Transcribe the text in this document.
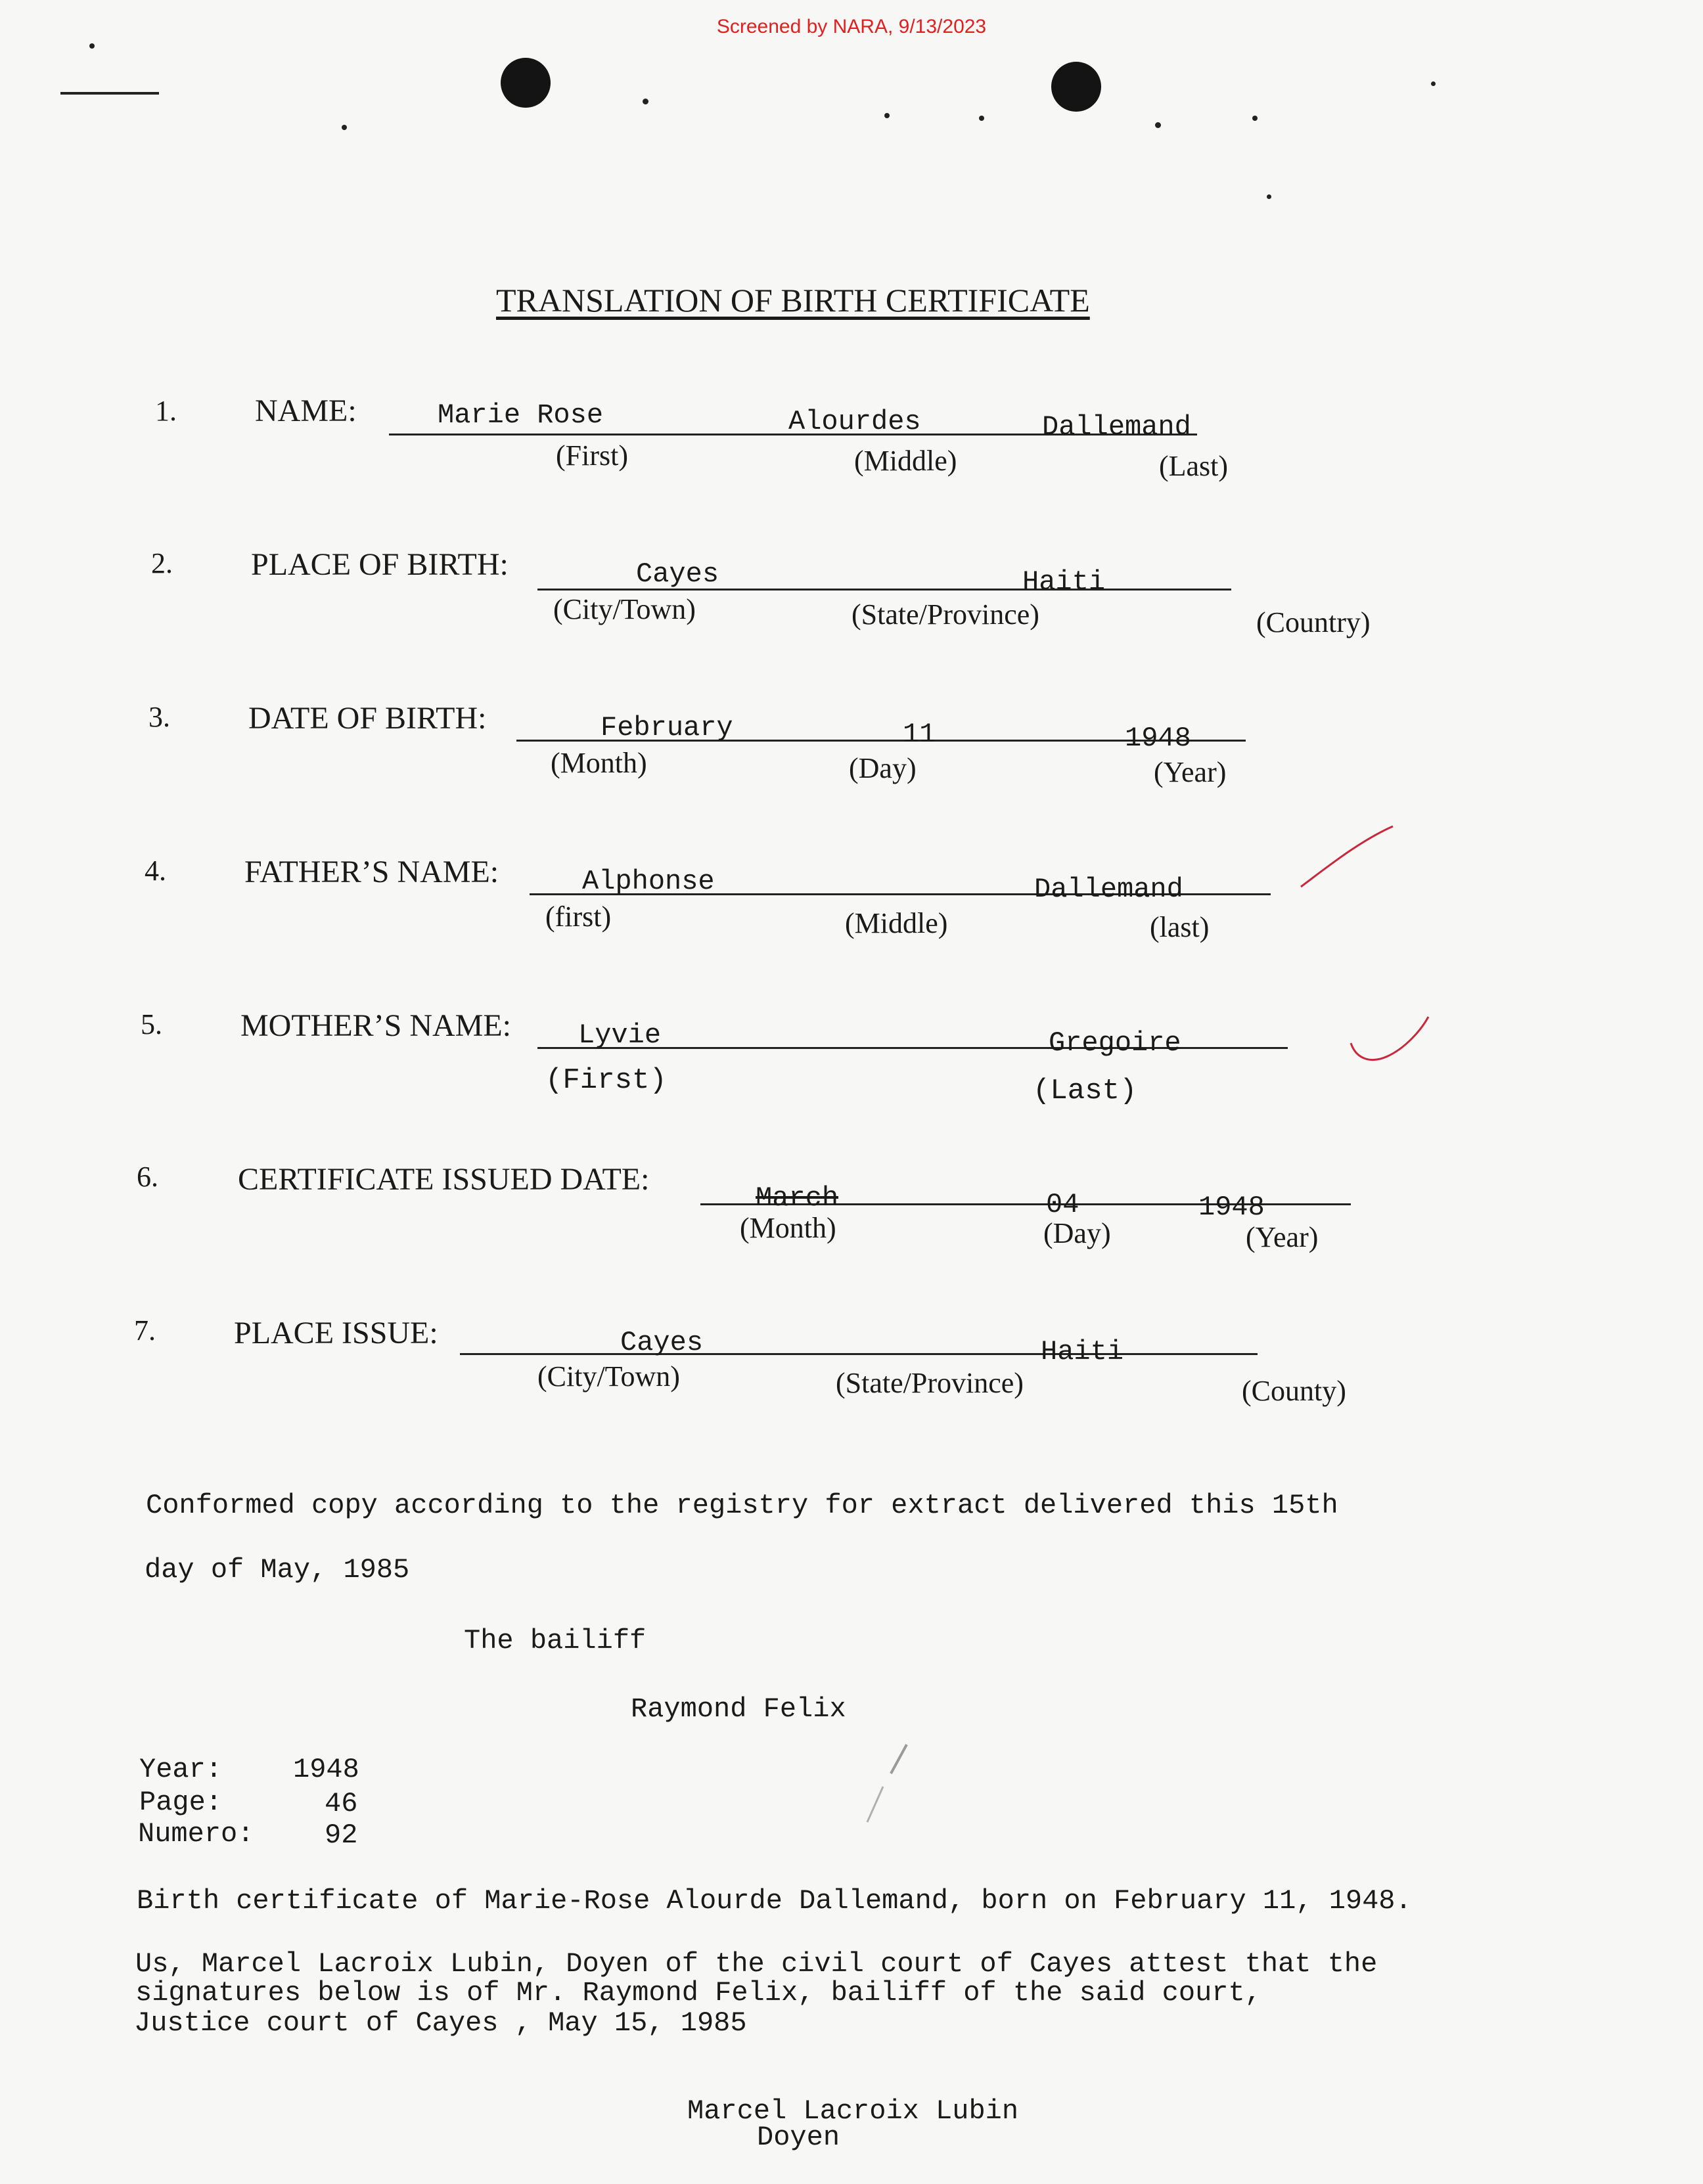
Screened by NARA, 9/13/2023
TRANSLATION OF BIRTH CERTIFICATE
1. NAME:	Marie Rose	Alourdes	Dallemand
(First)	(Middle)	(Last)
2. PLACE OF BIRTH:	Cayes	Haiti
(City/Town)	(State/Province)	(Country)
3. DATE OF BIRTH:	February	11	1948
(Month)	(Day)	(Year)
4. FATHER’S NAME:	Alphonse	Dallemand
(first)	(Middle)	(last)
5. MOTHER’S NAME: Lyvie	Gregoire
(First)	(Last)
6.	CERTIFICATE ISSUED DATE:
March	04	1948
(Month)	(Day)	(Year)
7. PLACE ISSUE:	Cayes	Haiti
(City/Town)	(State/Province)	(County)
Conformed copy according to the registry for extract delivered this 15th
day of May, 1985
The bailiff
Raymond Felix
Year:	1948
Page:	46
Numero:	92
Birth certificate of Marie-Rose Alourde Dallemand, born on February 11, 1948.
Us, Marcel Lacroix Lubin, Doyen of the civil court of Cayes attest that the
signatures below is of Mr. Raymond Felix, bailiff of the said court,
Justice court of Cayes , May 15, 1985
Marcel Lacroix Lubin
Doyen
